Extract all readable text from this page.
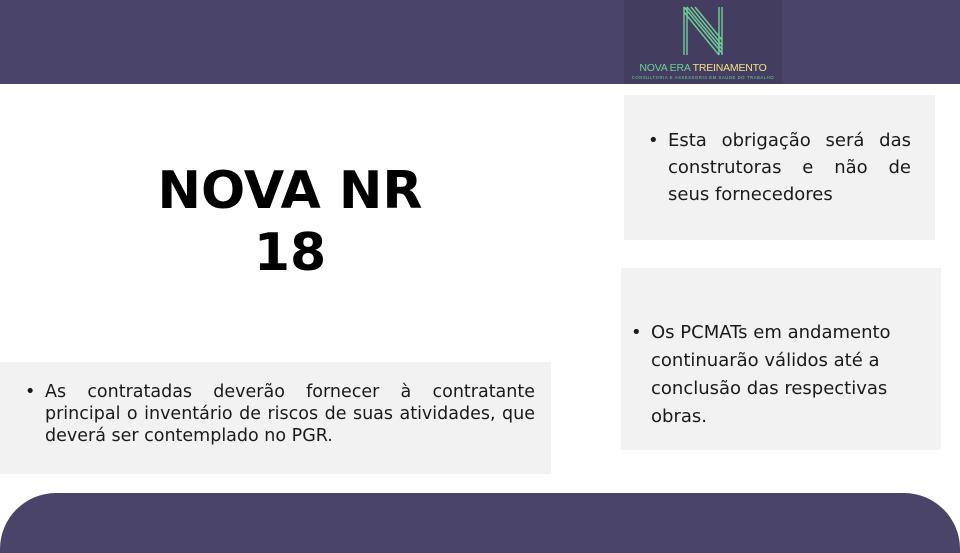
NOVA ERA TREINAMENTO
CONSULTORIA E ASSESSORIA EM SAÚDE DO TRABALHO
NOVA NR
18
• Esta obrigação será das construtoras e não de seus fornecedores
• Os PCMATs em andamento continuarão válidos até a conclusão das respectivas obras.
• As contratadas deverão fornecer à contratante principal o inventário de riscos de suas atividades, que deverá ser contemplado no PGR.
